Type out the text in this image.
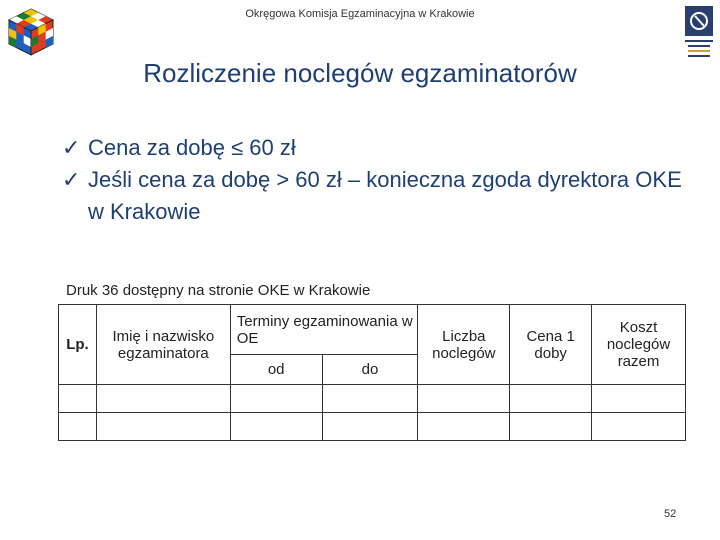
Okręgowa Komisja Egzaminacyjna w Krakowie
Rozliczenie noclegów egzaminatorów
✓ Cena za dobę ≤ 60 zł
✓ Jeśli cena za dobę > 60 zł – konieczna zgoda dyrektora OKE w Krakowie
Druk 36 dostępny na stronie OKE w Krakowie
Lp.	Imię i nazwisko egzaminatora	Terminy egzaminowania w OE		Liczba noclegów	Cena 1 doby	Koszt noclegów razem
		od	do			

52
